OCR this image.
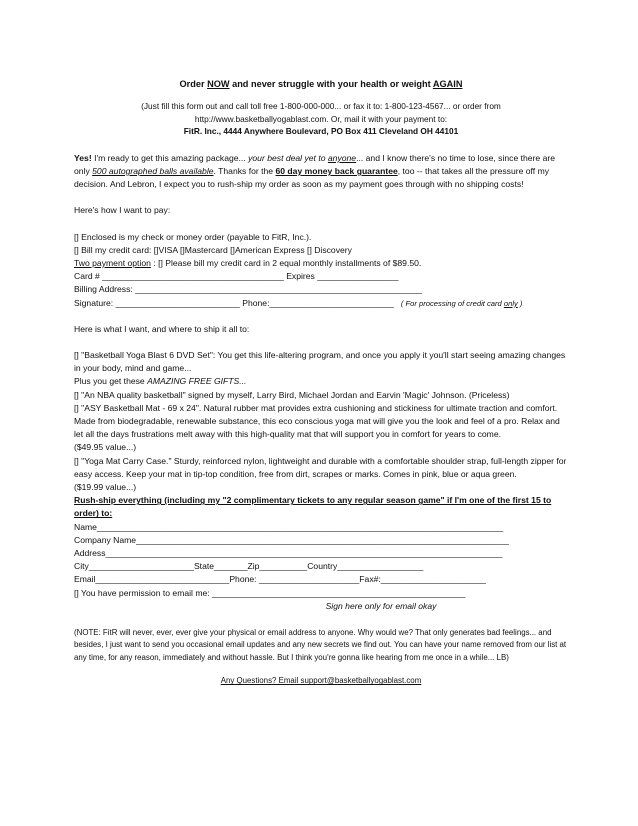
Order NOW and never struggle with your health or weight AGAIN

(Just fill this form out and call toll free 1-800-000-000... or fax it to: 1-800-123-4567... or order from
http://www.basketballyogablast.com. Or, mail it with your payment to:
FitR. Inc., 4444 Anywhere Boulevard, PO Box 411 Cleveland OH 44101

Yes! I'm ready to get this amazing package... your best deal yet to anyone... and I know there's no time to lose, since there are only 500 autographed balls available. Thanks for the 60 day money back guarantee, too -- that takes all the pressure off my decision. And Lebron, I expect you to rush-ship my order as soon as my payment goes through with no shipping costs!

Here's how I want to pay:

[] Enclosed is my check or money order (payable to FitR, Inc.).

[] Bill my credit card: []VISA []Mastercard []American Express [] Discovery

Two payment option : [] Please bill my credit card in 2 equal monthly installments of $89.50.

Card # ______________________________________ Expires _________________

Billing Address: ____________________________________________________________

Signature: __________________________ Phone:__________________________ ( For processing of credit card only )

Here is what I want, and where to ship it all to:

[] "Basketball Yoga Blast 6 DVD Set": You get this life-altering program, and once you apply it you'll start seeing amazing changes in your body, mind and game...

Plus you get these AMAZING FREE GIFTS...

[] "An NBA quality basketball" signed by myself, Larry Bird, Michael Jordan and Earvin 'Magic' Johnson. (Priceless)

[] "ASY Basketball Mat - 69 x 24". Natural rubber mat provides extra cushioning and stickiness for ultimate traction and comfort. Made from biodegradable, renewable substance, this eco conscious yoga mat will give you the look and feel of a pro. Relax and let all the days frustrations melt away with this high-quality mat that will support you in comfort for years to come.

($49.95 value...)

[] "Yoga Mat Carry Case." Sturdy, reinforced nylon, lightweight and durable with a comfortable shoulder strap, full-length zipper for easy access. Keep your mat in tip-top condition, free from dirt, scrapes or marks. Comes in pink, blue or aqua green.

($19.99 value...)

Rush-ship everything (including my "2 complimentary tickets to any regular season game" if I'm one of the first 15 to order) to:

Name_____________________________________________________________________________________

Company Name______________________________________________________________________________

Address___________________________________________________________________________________

City______________________State_______Zip__________Country__________________

Email____________________________Phone: _____________________Fax#:______________________

[] You have permission to email me: _____________________________________________________

Sign here only for email okay

(NOTE: FitR will never, ever, ever give your physical or email address to anyone. Why would we? That only generates bad feelings... and besides, I just want to send you occasional email updates and any new secrets we find out. You can have your name removed from our list at any time, for any reason, immediately and without hassle. But I think you're gonna like hearing from me once in a while... LB)

Any Questions? Email support@basketballyogablast.com
